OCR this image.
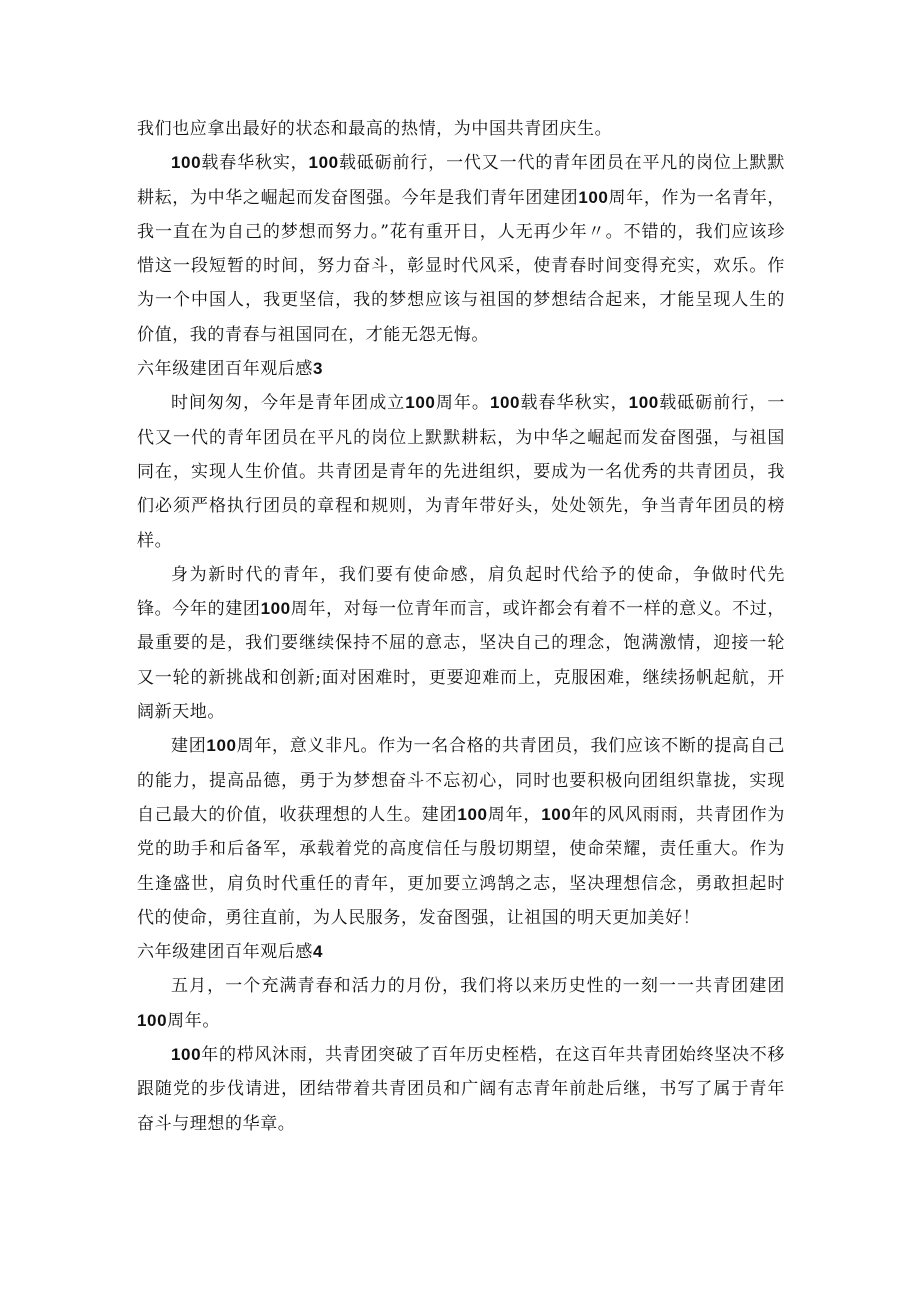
我们也应拿出最好的状态和最高的热情，为中国共青团庆生。

100载春华秋实，100载砥砺前行，一代又一代的青年团员在平凡的岗位上默默耕耘，为中华之崛起而发奋图强。今年是我们青年团建团100周年，作为一名青年，我一直在为自己的梦想而努力。”花有重开日，人无再少年〃。不错的，我们应该珍惜这一段短暂的时间，努力奋斗，彰显时代风采，使青春时间变得充实，欢乐。作为一个中国人，我更坚信，我的梦想应该与祖国的梦想结合起来，才能呈现人生的价值，我的青春与祖国同在，才能无怨无悔。

六年级建团百年观后感3

时间匆匆，今年是青年团成立100周年。100载春华秋实，100载砥砺前行，一代又一代的青年团员在平凡的岗位上默默耕耘，为中华之崛起而发奋图强，与祖国同在，实现人生价值。共青团是青年的先进组织，要成为一名优秀的共青团员，我们必须严格执行团员的章程和规则，为青年带好头，处处领先，争当青年团员的榜样。

身为新时代的青年，我们要有使命感，肩负起时代给予的使命，争做时代先锋。今年的建团100周年，对每一位青年而言，或许都会有着不一样的意义。不过，最重要的是，我们要继续保持不屈的意志，坚决自己的理念，饱满激情，迎接一轮又一轮的新挑战和创新;面对困难时，更要迎难而上，克服困难，继续扬帆起航，开阔新天地。

建团100周年，意义非凡。作为一名合格的共青团员，我们应该不断的提高自己的能力，提高品德，勇于为梦想奋斗不忘初心，同时也要积极向团组织靠拢，实现自己最大的价值，收获理想的人生。建团100周年，100年的风风雨雨，共青团作为党的助手和后备军，承载着党的高度信任与殷切期望，使命荣耀，责任重大。作为生逢盛世，肩负时代重任的青年，更加要立鸿鹄之志，坚决理想信念，勇敢担起时代的使命，勇往直前，为人民服务，发奋图强，让祖国的明天更加美好！

六年级建团百年观后感4

五月，一个充满青春和活力的月份，我们将以来历史性的一刻一一共青团建团100周年。

100年的栉风沐雨，共青团突破了百年历史桎梏，在这百年共青团始终坚决不移跟随党的步伐请进，团结带着共青团员和广阔有志青年前赴后继，书写了属于青年奋斗与理想的华章。
